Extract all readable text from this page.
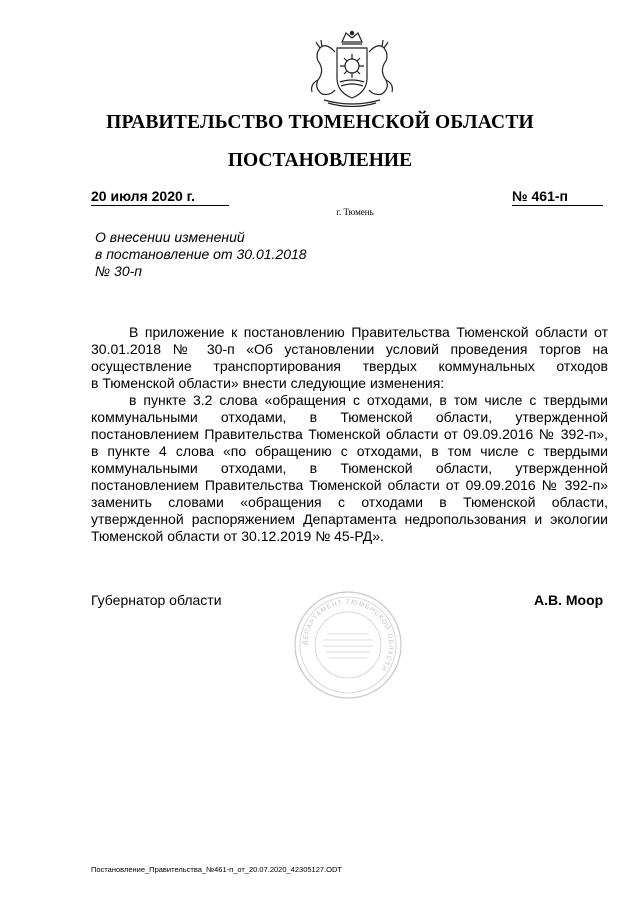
ПРАВИТЕЛЬСТВО ТЮМЕНСКОЙ ОБЛАСТИ
ПОСТАНОВЛЕНИЕ
20 июля 2020 г.	№ 461-п
г. Тюмень
О внесении изменений
в постановление от 30.01.2018
№ 30-п
В приложение к постановлению Правительства Тюменской области от
30.01.2018 № 30-п «Об установлении условий проведения торгов на
осуществление транспортирования твердых коммунальных отходов
в Тюменской области» внести следующие изменения:
в пункте 3.2 слова «обращения с отходами, в том числе с твердыми
коммунальными отходами, в Тюменской области, утвержденной
постановлением Правительства Тюменской области от 09.09.2016 № 392-п»,
в пункте 4 слова «по обращению с отходами, в том числе с твердыми
коммунальными отходами, в Тюменской области, утвержденной
постановлением Правительства Тюменской области от 09.09.2016 № 392-п»
заменить словами «обращения с отходами в Тюменской области,
утвержденной распоряжением Департамента недропользования и экологии
Тюменской области от 30.12.2019 № 45-РД».
Губернатор области	А.В. Моор
ДЕПАРТАМЕНТ ТЮМЕНСКОЙ ОБЛАСТИ
Постановление_Правительства_№461-п_от_20.07.2020_42305127.ODT
